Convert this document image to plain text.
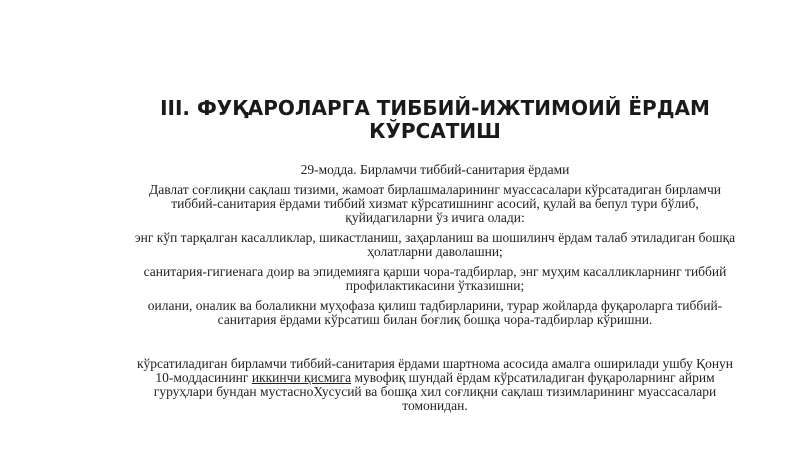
III. ФУҚАРОЛАРГА ТИББИЙ-ИЖТИМОИЙ ЁРДАМ КЎРСАТИШ

29-модда. Бирламчи тиббий-санитария ёрдами

Давлат соғлиқни сақлаш тизими, жамоат бирлашмаларининг муассасалари кўрсатадиган бирламчи тиббий-санитария ёрдами тиббий хизмат кўрсатишнинг асосий, қулай ва бепул тури бўлиб, қуйидагиларни ўз ичига олади:

энг кўп тарқалган касалликлар, шикастланиш, заҳарланиш ва шошилинч ёрдам талаб этиладиган бошқа ҳолатларни даволашни;

санитария-гигиенага доир ва эпидемияга қарши чора-тадбирлар, энг муҳим касалликларнинг тиббий профилактикасини ўтказишни;

оилани, оналик ва болаликни муҳофаза қилиш тадбирларини, турар жойларда фуқароларга тиббий-санитария ёрдами кўрсатиш билан боғлиқ бошқа чора-тадбирлар кўришни.

кўрсатиладиган бирламчи тиббий-санитария ёрдами шартнома асосида амалга оширилади ушбу Қонун 10-моддасининг иккинчи қисмига мувофиқ шундай ёрдам кўрсатиладиган фуқароларнинг айрим гуруҳлари бундан мустасноХусусий ва бошқа хил соғлиқни сақлаш тизимларининг муассасалари томонидан.
